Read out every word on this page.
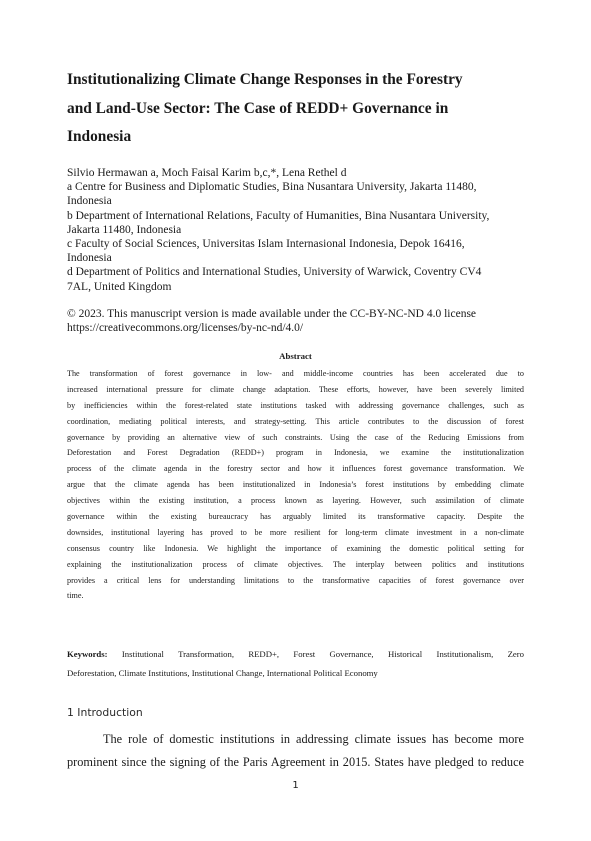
Institutionalizing Climate Change Responses in the Forestry
and Land-Use Sector: The Case of REDD+ Governance in
Indonesia
Silvio Hermawan a, Moch Faisal Karim b,c,*, Lena Rethel d
a Centre for Business and Diplomatic Studies, Bina Nusantara University, Jakarta 11480,
Indonesia
b Department of International Relations, Faculty of Humanities, Bina Nusantara University,
Jakarta 11480, Indonesia
c Faculty of Social Sciences, Universitas Islam Internasional Indonesia, Depok 16416,
Indonesia
d Department of Politics and International Studies, University of Warwick, Coventry CV4
7AL, United Kingdom
© 2023. This manuscript version is made available under the CC-BY-NC-ND 4.0 license
https://creativecommons.org/licenses/by-nc-nd/4.0/
Abstract
The transformation of forest governance in low- and middle-income countries has been accelerated due to
increased international pressure for climate change adaptation. These efforts, however, have been severely limited
by inefficiencies within the forest-related state institutions tasked with addressing governance challenges, such as
coordination, mediating political interests, and strategy-setting. This article contributes to the discussion of forest
governance by providing an alternative view of such constraints. Using the case of the Reducing Emissions from
Deforestation and Forest Degradation (REDD+) program in Indonesia, we examine the institutionalization
process of the climate agenda in the forestry sector and how it influences forest governance transformation. We
argue that the climate agenda has been institutionalized in Indonesia’s forest institutions by embedding climate
objectives within the existing institution, a process known as layering. However, such assimilation of climate
governance within the existing bureaucracy has arguably limited its transformative capacity. Despite the
downsides, institutional layering has proved to be more resilient for long-term climate investment in a non-climate
consensus country like Indonesia. We highlight the importance of examining the domestic political setting for
explaining the institutionalization process of climate objectives. The interplay between politics and institutions
provides a critical lens for understanding limitations to the transformative capacities of forest governance over
time.
Keywords: Institutional Transformation, REDD+, Forest Governance, Historical Institutionalism, Zero
Deforestation, Climate Institutions, Institutional Change, International Political Economy
1 Introduction
The role of domestic institutions in addressing climate issues has become more
prominent since the signing of the Paris Agreement in 2015. States have pledged to reduce
1
